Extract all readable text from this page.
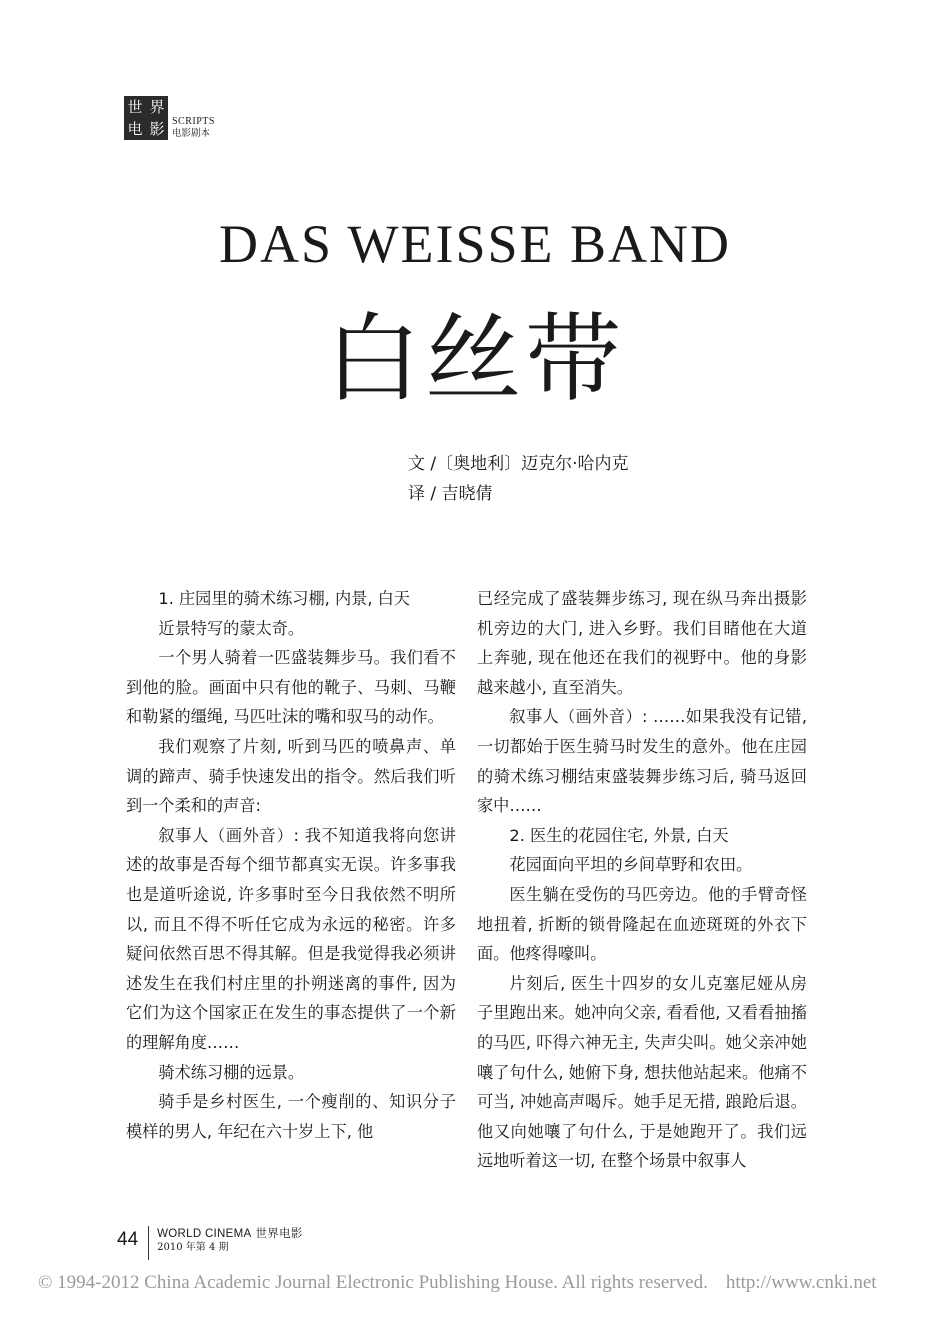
世 界
电 影 SCRIPTS
电影剧本
DAS WEISSE BAND
白丝带
文 /〔奥地利〕迈克尔·哈内克
译 / 吉晓倩

1. 庄园里的骑术练习棚, 内景, 白天

近景特写的蒙太奇。

一个男人骑着一匹盛装舞步马。我们看不到他的脸。画面中只有他的靴子、马刺、马鞭和勒紧的缰绳, 马匹吐沫的嘴和驭马的动作。

我们观察了片刻, 听到马匹的喷鼻声、单调的蹄声、骑手快速发出的指令。然后我们听到一个柔和的声音:

叙事人（画外音）: 我不知道我将向您讲述的故事是否每个细节都真实无误。许多事我也是道听途说, 许多事时至今日我依然不明所以, 而且不得不听任它成为永远的秘密。许多疑问依然百思不得其解。但是我觉得我必须讲述发生在我们村庄里的扑朔迷离的事件, 因为它们为这个国家正在发生的事态提供了一个新的理解角度……

骑术练习棚的远景。

骑手是乡村医生, 一个瘦削的、知识分子模样的男人, 年纪在六十岁上下, 他

已经完成了盛装舞步练习, 现在纵马奔出摄影机旁边的大门, 进入乡野。我们目睹他在大道上奔驰, 现在他还在我们的视野中。他的身影越来越小, 直至消失。

叙事人（画外音）: ……如果我没有记错, 一切都始于医生骑马时发生的意外。他在庄园的骑术练习棚结束盛装舞步练习后, 骑马返回家中……

2. 医生的花园住宅, 外景, 白天

花园面向平坦的乡间草野和农田。

医生躺在受伤的马匹旁边。他的手臂奇怪地扭着, 折断的锁骨隆起在血迹斑斑的外衣下面。他疼得嚎叫。

片刻后, 医生十四岁的女儿克塞尼娅从房子里跑出来。她冲向父亲, 看看他, 又看看抽搐的马匹, 吓得六神无主, 失声尖叫。她父亲冲她嚷了句什么, 她俯下身, 想扶他站起来。他痛不可当, 冲她高声喝斥。她手足无措, 踉跄后退。他又向她嚷了句什么, 于是她跑开了。我们远远地听着这一切, 在整个场景中叙事人

44 WORLD CINEMA 世界电影
2010 年第 4 期
© 1994-2012 China Academic Journal Electronic Publishing House. All rights reserved. http://www.cnki.net
